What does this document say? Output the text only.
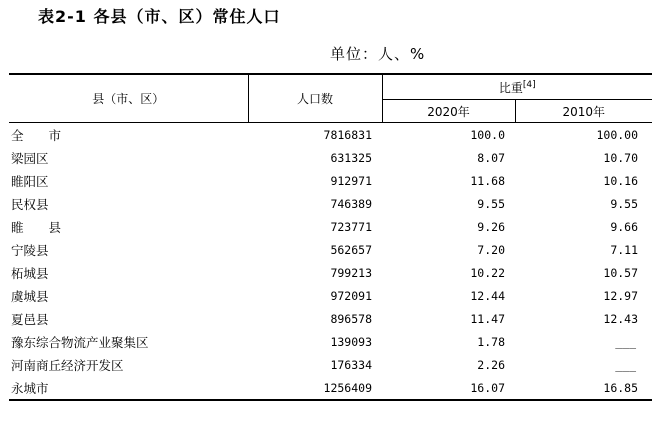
表2-1 各县（市、区）常住人口
单位：人、%
县（市、区）	人口数	比重[4]
		2020年	2010年
全　　市	7816831	100.0	100.00
梁园区	631325	8.07	10.70
睢阳区	912971	11.68	10.16
民权县	746389	9.55	9.55
睢　　县	723771	9.26	9.66
宁陵县	562657	7.20	7.11
柘城县	799213	10.22	10.57
虞城县	972091	12.44	12.97
夏邑县	896578	11.47	12.43
豫东综合物流产业聚集区	139093	1.78	___
河南商丘经济开发区	176334	2.26	___
永城市	1256409	16.07	16.85
